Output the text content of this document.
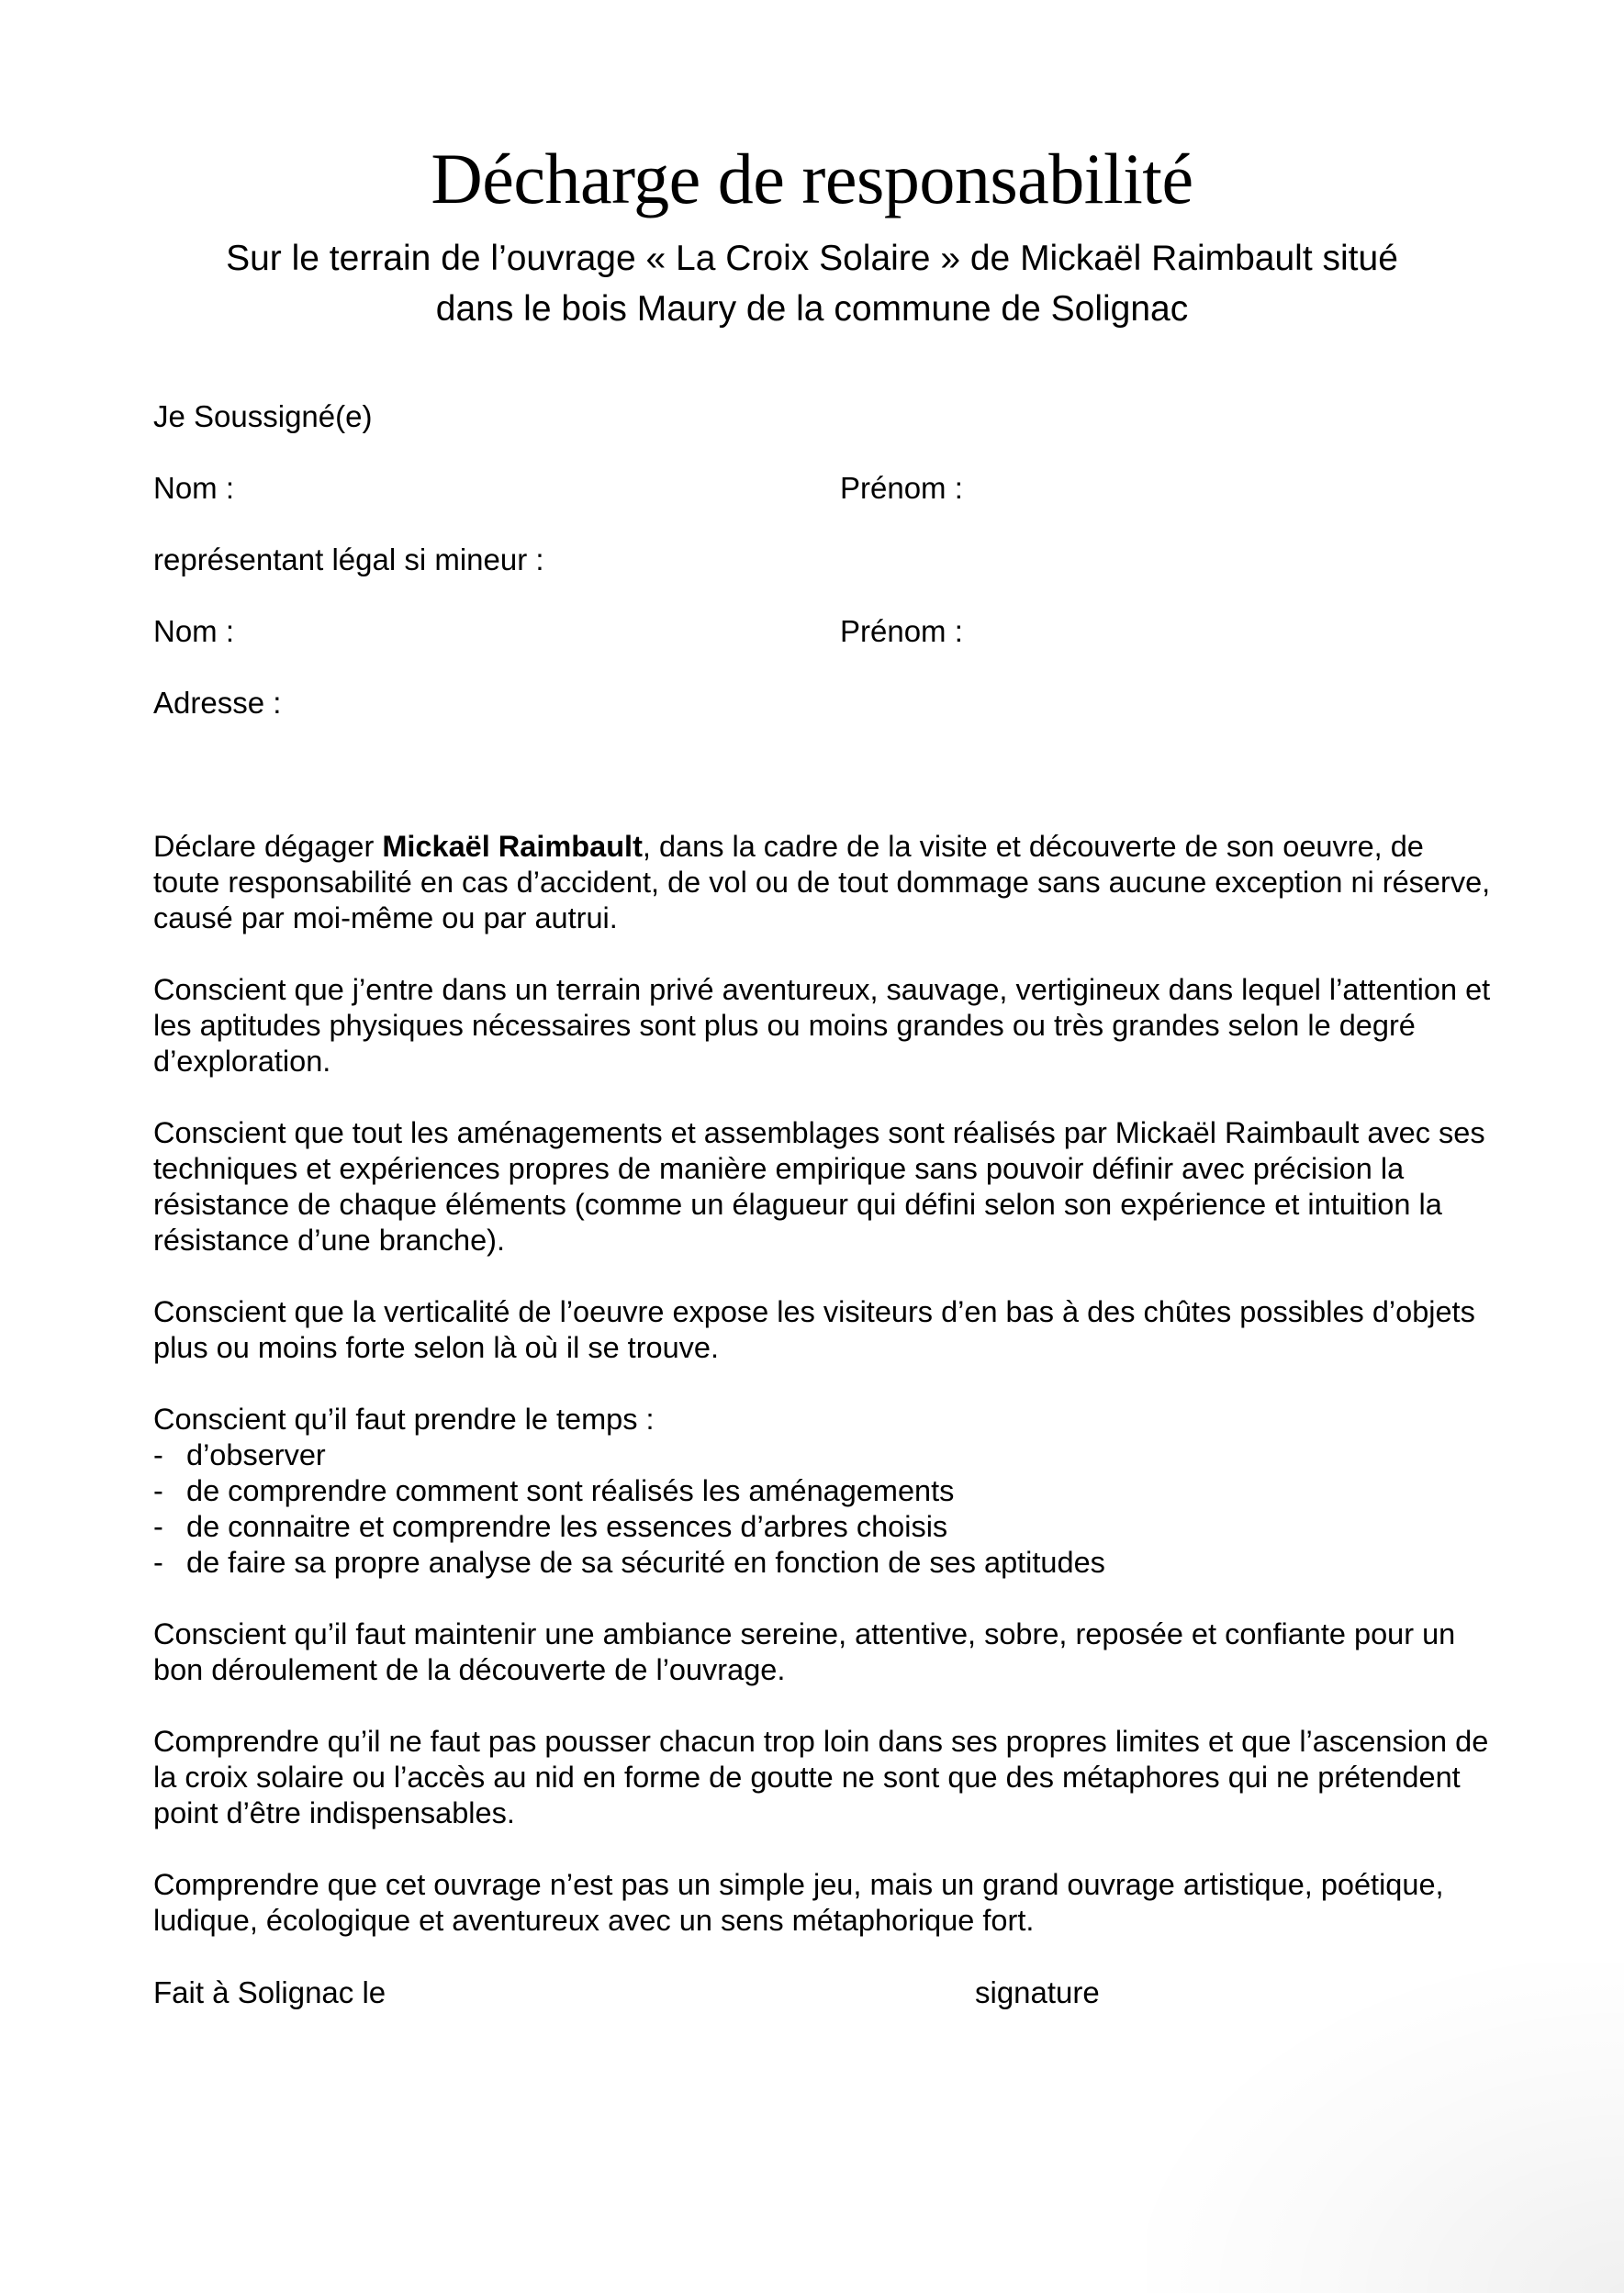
Décharge de responsabilité
Sur le terrain de l’ouvrage « La Croix Solaire » de Mickaël Raimbault situé
dans le bois Maury de la commune de Solignac
Je Soussigné(e)
Nom :	Prénom :
représentant légal si mineur :
Nom :	Prénom :
Adresse :

Déclare dégager Mickaël Raimbault, dans la cadre de la visite et découverte de son oeuvre, de toute responsabilité en cas d’accident, de vol ou de tout dommage sans aucune exception ni réserve, causé par moi-même ou par autrui.

Conscient que j’entre dans un terrain privé aventureux, sauvage, vertigineux dans lequel l’attention et les aptitudes physiques nécessaires sont plus ou moins grandes ou très grandes selon le degré d’exploration.

Conscient que tout les aménagements et assemblages sont réalisés par Mickaël Raimbault avec ses techniques et expériences propres de manière empirique sans pouvoir définir avec précision la résistance de chaque éléments (comme un élagueur qui défini selon son expérience et intuition la résistance d’une branche).

Conscient que la verticalité de l’oeuvre expose les visiteurs d’en bas à des chûtes possibles d’objets plus ou moins forte selon là où il se trouve.

Conscient qu’il faut prendre le temps :

- d’observer
- de comprendre comment sont réalisés les aménagements
- de connaitre et comprendre les essences d’arbres choisis
- de faire sa propre analyse de sa sécurité en fonction de ses aptitudes

Conscient qu’il faut maintenir une ambiance sereine, attentive, sobre, reposée et confiante pour un bon déroulement de la découverte de l’ouvrage.

Comprendre qu’il ne faut pas pousser chacun trop loin dans ses propres limites et que l’ascension de la croix solaire ou l’accès au nid en forme de goutte ne sont que des métaphores qui ne prétendent point d’être indispensables.

Comprendre que cet ouvrage n’est pas un simple jeu, mais un grand ouvrage artistique, poétique, ludique, écologique et aventureux avec un sens métaphorique fort.

Fait à Solignac le	signature
